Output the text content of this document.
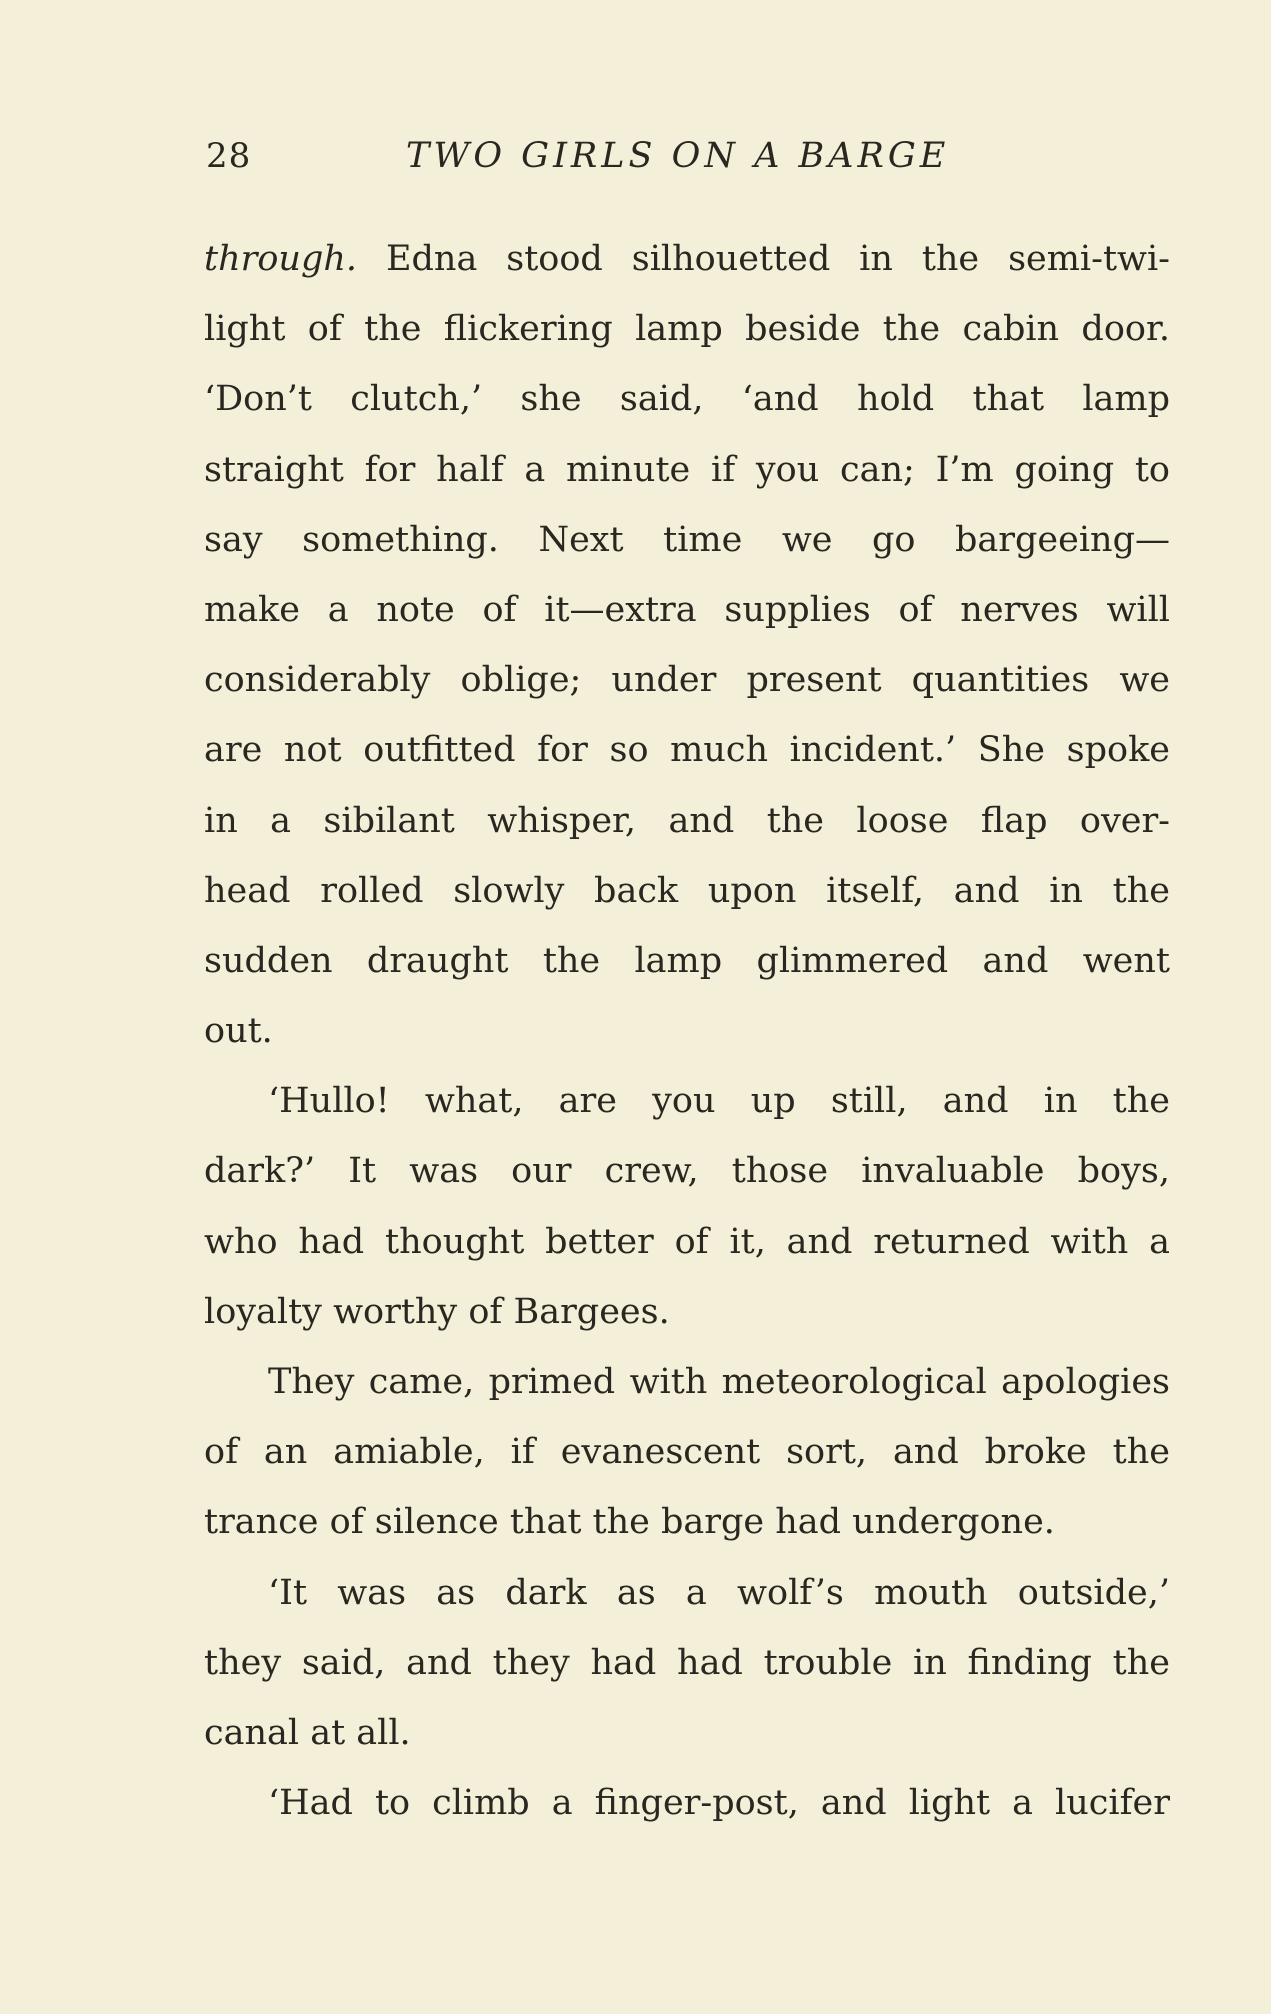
28	TWO GIRLS ON A BARGE
through. Edna stood silhouetted in the semi-twi-
light of the flickering lamp beside the cabin door.
‘Don’t clutch,’ she said, ‘and hold that lamp
straight for half a minute if you can; I’m going to
say something. Next time we go bargeeing—
make a note of it—extra supplies of nerves will
considerably oblige; under present quantities we
are not outfitted for so much incident.’ She spoke
in a sibilant whisper, and the loose flap over-
head rolled slowly back upon itself, and in the
sudden draught the lamp glimmered and went
out.
‘Hullo! what, are you up still, and in the
dark?’ It was our crew, those invaluable boys,
who had thought better of it, and returned with a
loyalty worthy of Bargees.
They came, primed with meteorological apologies
of an amiable, if evanescent sort, and broke the
trance of silence that the barge had undergone.
‘It was as dark as a wolf’s mouth outside,’
they said, and they had had trouble in finding the
canal at all.
‘Had to climb a finger-post, and light a lucifer
